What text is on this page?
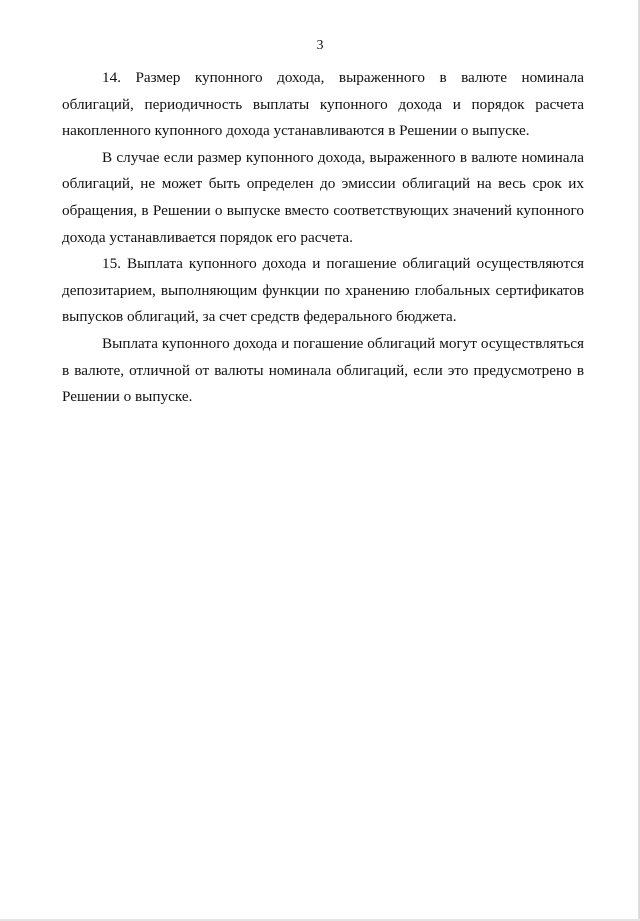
3

14. Размер купонного дохода, выраженного в валюте номинала облигаций, периодичность выплаты купонного дохода и порядок расчета накопленного купонного дохода устанавливаются в Решении о выпуске.

В случае если размер купонного дохода, выраженного в валюте номинала облигаций, не может быть определен до эмиссии облигаций на весь срок их обращения, в Решении о выпуске вместо соответствующих значений купонного дохода устанавливается порядок его расчета.

15. Выплата купонного дохода и погашение облигаций осуществляются депозитарием, выполняющим функции по хранению глобальных сертификатов выпусков облигаций, за счет средств федерального бюджета.

Выплата купонного дохода и погашение облигаций могут осуществляться в валюте, отличной от валюты номинала облигаций, если это предусмотрено в Решении о выпуске.
